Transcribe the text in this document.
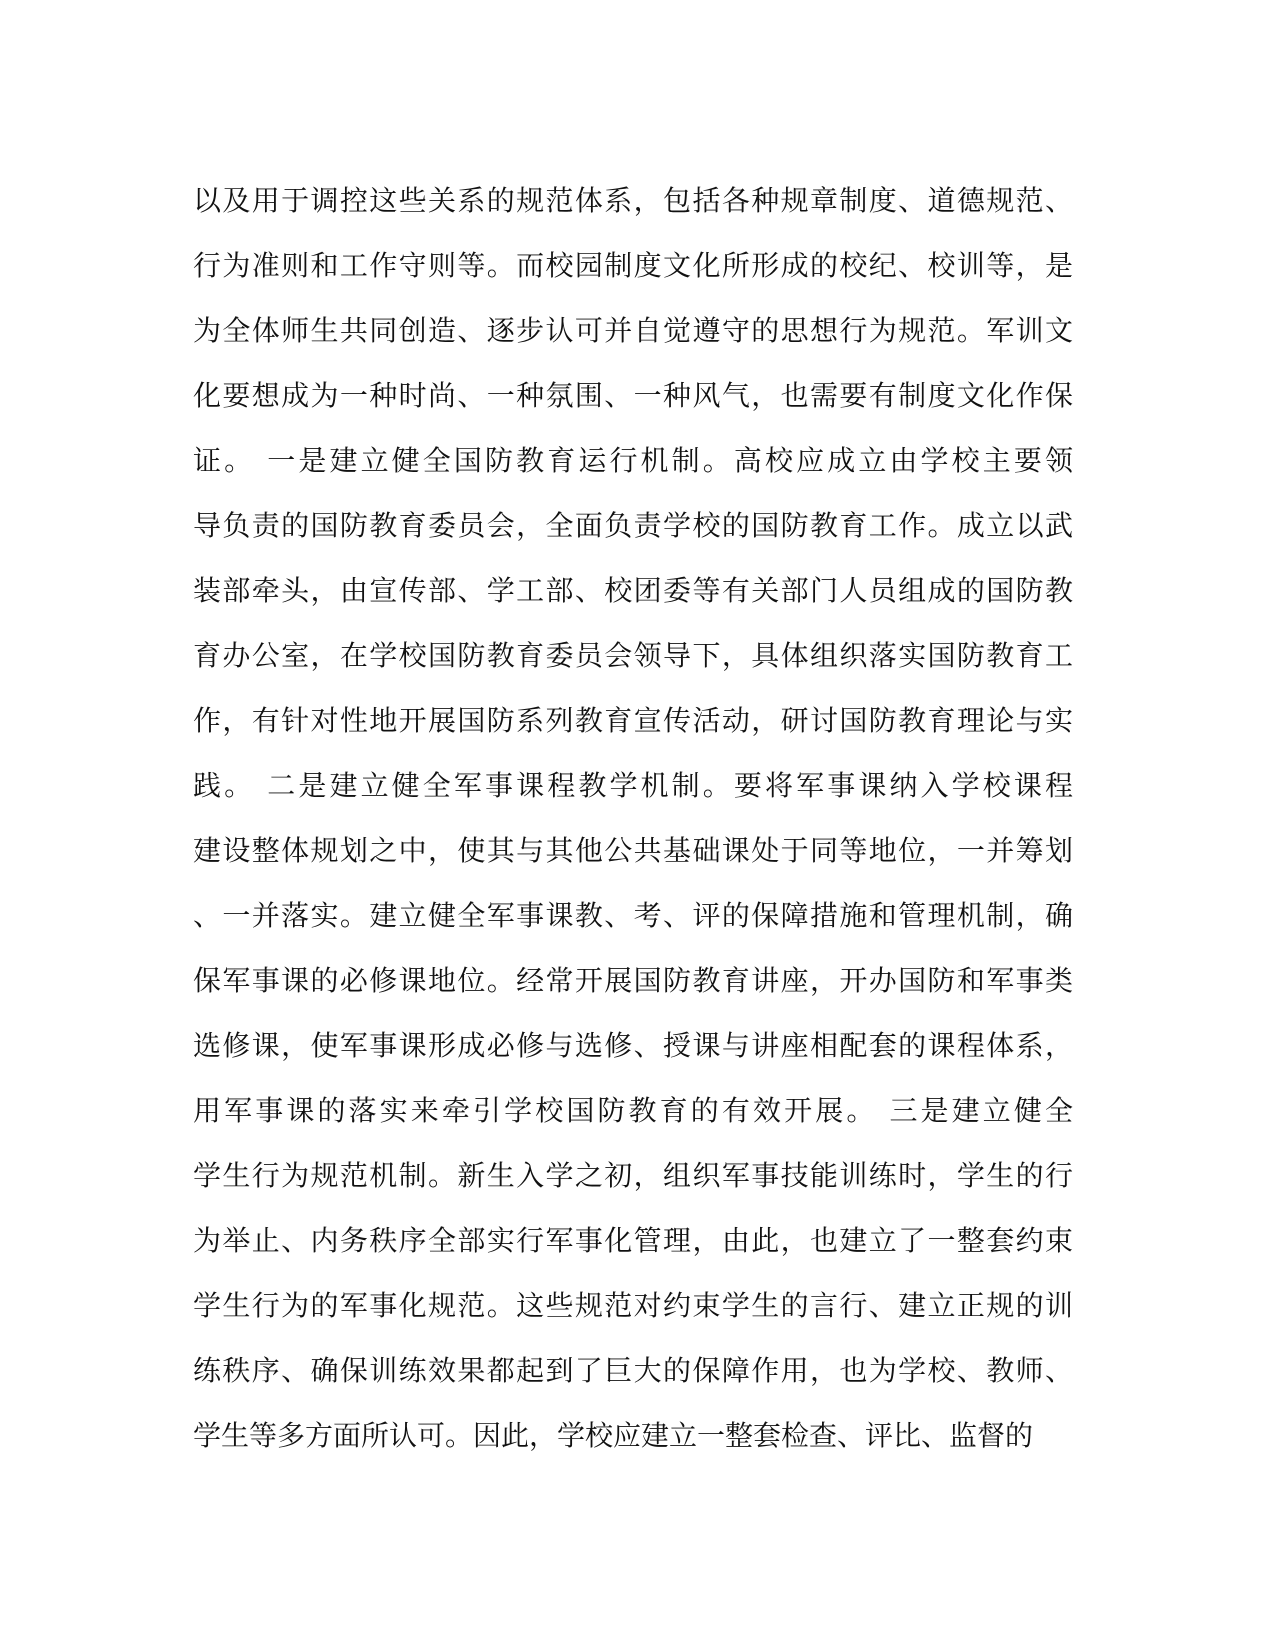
以及用于调控这些关系的规范体系，包括各种规章制度、道德规范、
行为准则和工作守则等。而校园制度文化所形成的校纪、校训等，是
为全体师生共同创造、逐步认可并自觉遵守的思想行为规范。军训文
化要想成为一种时尚、一种氛围、一种风气，也需要有制度文化作保
证。 一是建立健全国防教育运行机制。高校应成立由学校主要领
导负责的国防教育委员会，全面负责学校的国防教育工作。成立以武
装部牵头，由宣传部、学工部、校团委等有关部门人员组成的国防教
育办公室，在学校国防教育委员会领导下，具体组织落实国防教育工
作，有针对性地开展国防系列教育宣传活动，研讨国防教育理论与实
践。 二是建立健全军事课程教学机制。要将军事课纳入学校课程
建设整体规划之中，使其与其他公共基础课处于同等地位，一并筹划
、一并落实。建立健全军事课教、考、评的保障措施和管理机制，确
保军事课的必修课地位。经常开展国防教育讲座，开办国防和军事类
选修课，使军事课形成必修与选修、授课与讲座相配套的课程体系，
用军事课的落实来牵引学校国防教育的有效开展。 三是建立健全
学生行为规范机制。新生入学之初，组织军事技能训练时，学生的行
为举止、内务秩序全部实行军事化管理，由此，也建立了一整套约束
学生行为的军事化规范。这些规范对约束学生的言行、建立正规的训
练秩序、确保训练效果都起到了巨大的保障作用，也为学校、教师、
学生等多方面所认可。因此，学校应建立一整套检查、评比、监督的
